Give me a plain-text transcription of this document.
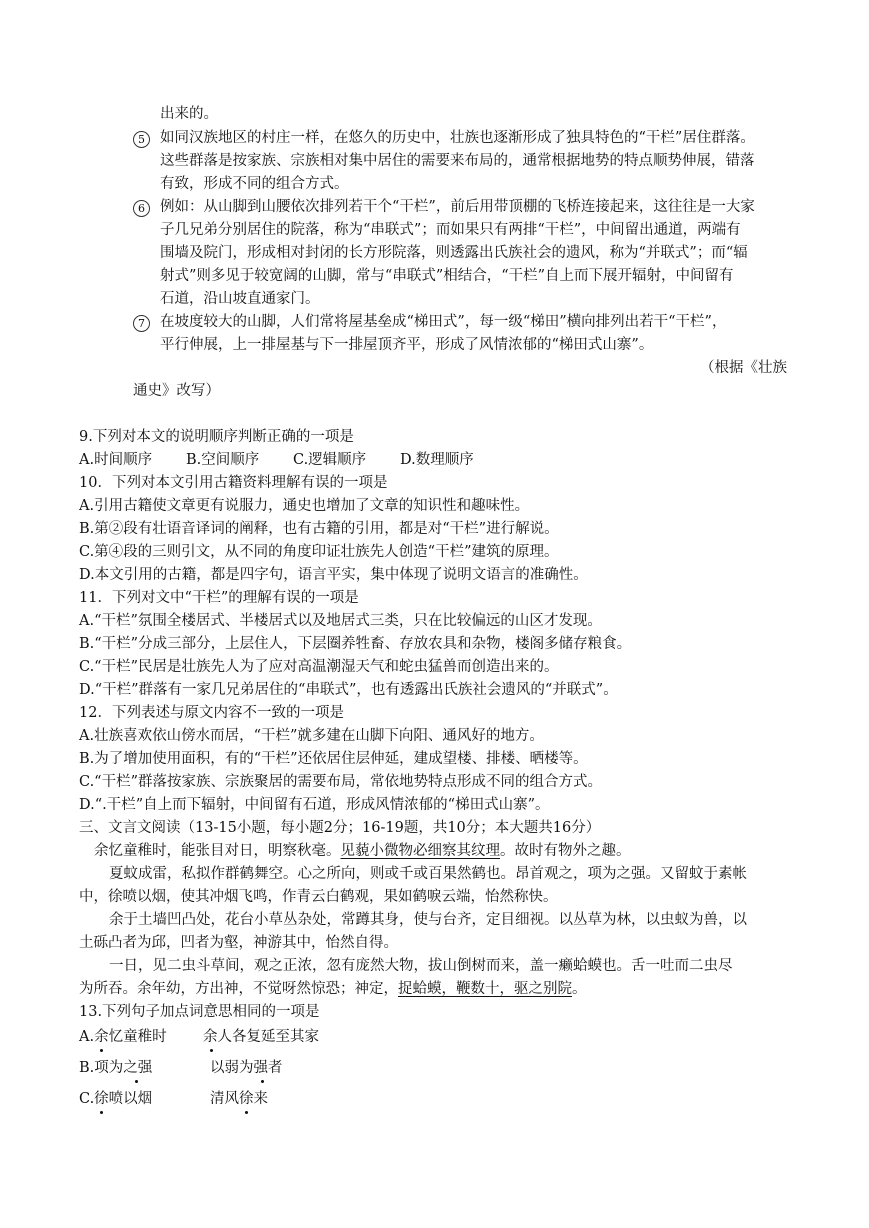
出来的。
5	如同汉族地区的村庄一样，在悠久的历史中，壮族也逐渐形成了独具特色的“干栏”居住群落。
这些群落是按家族、宗族相对集中居住的需要来布局的，通常根据地势的特点顺势伸展，错落
有致，形成不同的组合方式。
6	例如：从山脚到山腰依次排列若干个“干栏”，前后用带顶棚的飞桥连接起来，这往往是一大家
子几兄弟分别居住的院落，称为“串联式”；而如果只有两排“干栏”，中间留出通道，两端有
围墙及院门，形成相对封闭的长方形院落，则透露出氏族社会的遗风，称为“并联式”；而“辐
射式”则多见于较宽阔的山脚，常与“串联式”相结合，“干栏”自上而下展开辐射，中间留有
石道，沿山坡直通家门。
7	在坡度较大的山脚，人们常将屋基垒成“梯田式”，每一级“梯田”横向排列出若干“干栏”，
平行伸展，上一排屋基与下一排屋顶齐平，形成了风情浓郁的“梯田式山寨”。
（根据《壮族
通史》改写）
9.下列对本文的说明顺序判断正确的一项是
A.时间顺序 B.空间顺序 C.逻辑顺序 D.数理顺序
10．下列对本文引用古籍资料理解有误的一项是
A.引用古籍使文章更有说服力，通史也增加了文章的知识性和趣味性。
B.第②段有壮语音译词的阐释，也有古籍的引用，都是对“干栏”进行解说。
C.第④段的三则引文，从不同的角度印证壮族先人创造“干栏”建筑的原理。
D.本文引用的古籍，都是四字句，语言平实，集中体现了说明文语言的准确性。
11．下列对文中“干栏”的理解有误的一项是
A.“干栏”氛围全楼居式、半楼居式以及地居式三类，只在比较偏远的山区才发现。
B.“干栏”分成三部分，上层住人，下层圈养牲畜、存放农具和杂物，楼阁多储存粮食。
C.“干栏”民居是壮族先人为了应对高温潮湿天气和蛇虫猛兽而创造出来的。
D.“干栏”群落有一家几兄弟居住的“串联式”，也有透露出氏族社会遗风的“并联式”。
12．下列表述与原文内容不一致的一项是
A.壮族喜欢依山傍水而居，“干栏”就多建在山脚下向阳、通风好的地方。
B.为了增加使用面积，有的“干栏”还依居住层伸延，建成望楼、排楼、晒楼等。
C.“干栏”群落按家族、宗族聚居的需要布局，常依地势特点形成不同的组合方式。
D.“.干栏”自上而下辐射，中间留有石道，形成风情浓郁的“梯田式山寨”。
三、文言文阅读（13-15小题，每小题2分；16-19题，共10分；本大题共16分）
余忆童稚时，能张目对日，明察秋毫。见藐小微物必细察其纹理。故时有物外之趣。
夏蚊成雷，私拟作群鹤舞空。心之所向，则或千或百果然鹤也。昂首观之，项为之强。又留蚊于素帐
中，徐喷以烟，使其冲烟飞鸣，作青云白鹤观，果如鹤唳云端，怡然称快。
余于土墙凹凸处，花台小草丛杂处，常蹲其身，使与台齐，定目细视。以丛草为林，以虫蚁为兽，以
土砾凸者为邱，凹者为壑，神游其中，怡然自得。
一日，见二虫斗草间，观之正浓，忽有庞然大物，拔山倒树而来，盖一癞蛤蟆也。舌一吐而二虫尽
为所吞。余年幼，方出神，不觉呀然惊恐；神定，捉蛤蟆，鞭数十，驱之别院。
13.下列句子加点词意思相同的一项是
A.余忆童稚时	余人各复延至其家
B.项为之强	以弱为强者
C.徐喷以烟	清风徐来
